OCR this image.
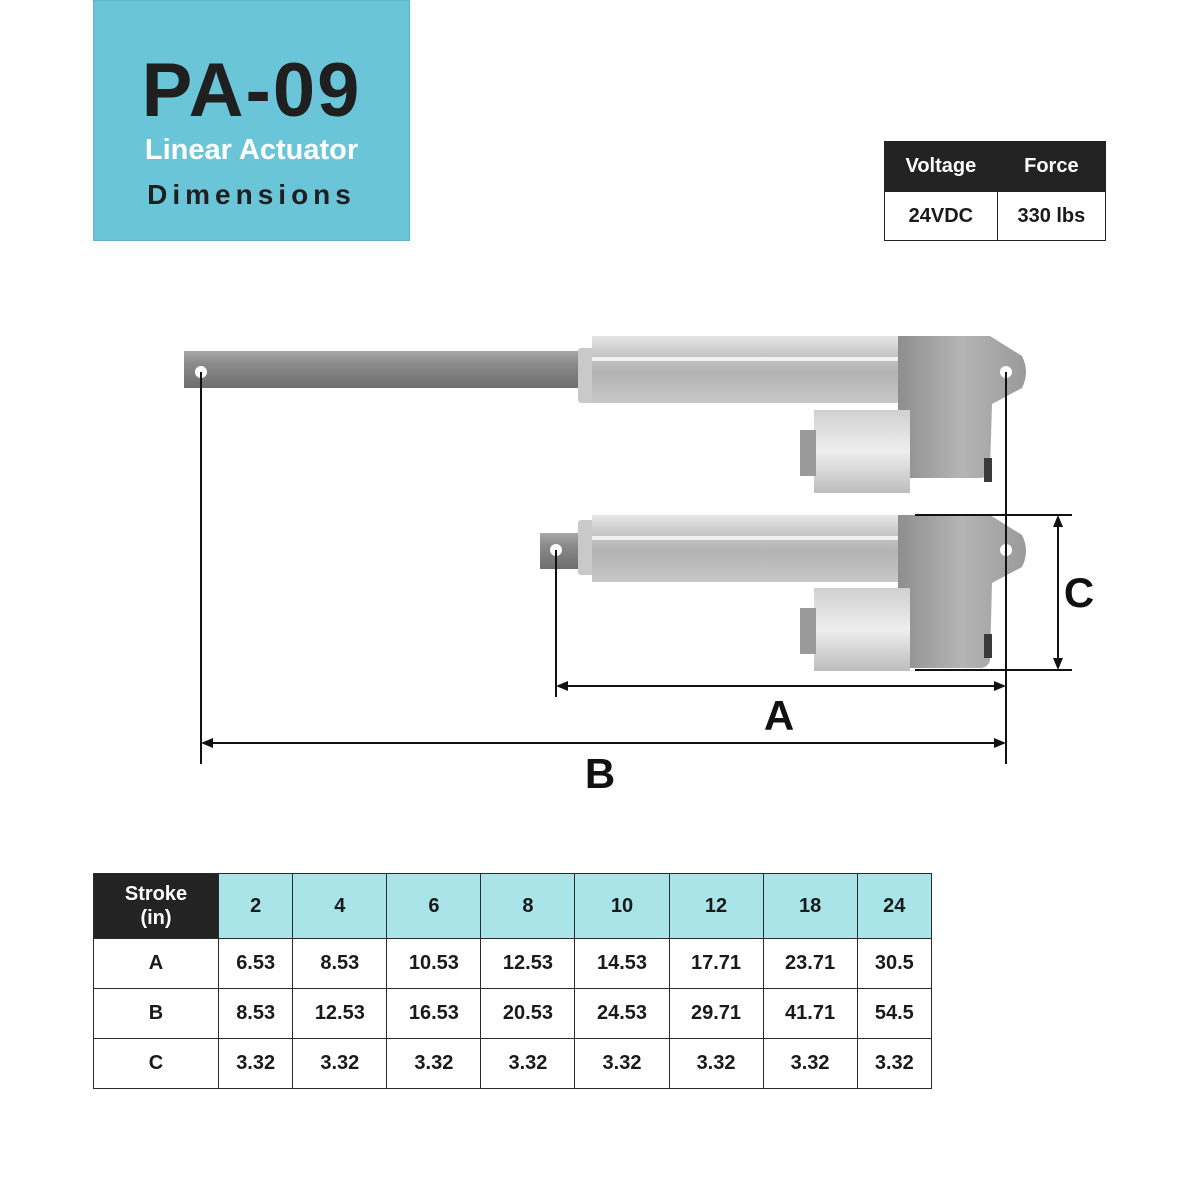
PA-09
Linear Actuator
Dimensions
Voltage	Force
24VDC	330 lbs
A
B
C
Stroke
(in)	2	4	6	8	10	12	18	24
A	6.53	8.53	10.53	12.53	14.53	17.71	23.71	30.5
B	8.53	12.53	16.53	20.53	24.53	29.71	41.71	54.5
C	3.32	3.32	3.32	3.32	3.32	3.32	3.32	3.32
